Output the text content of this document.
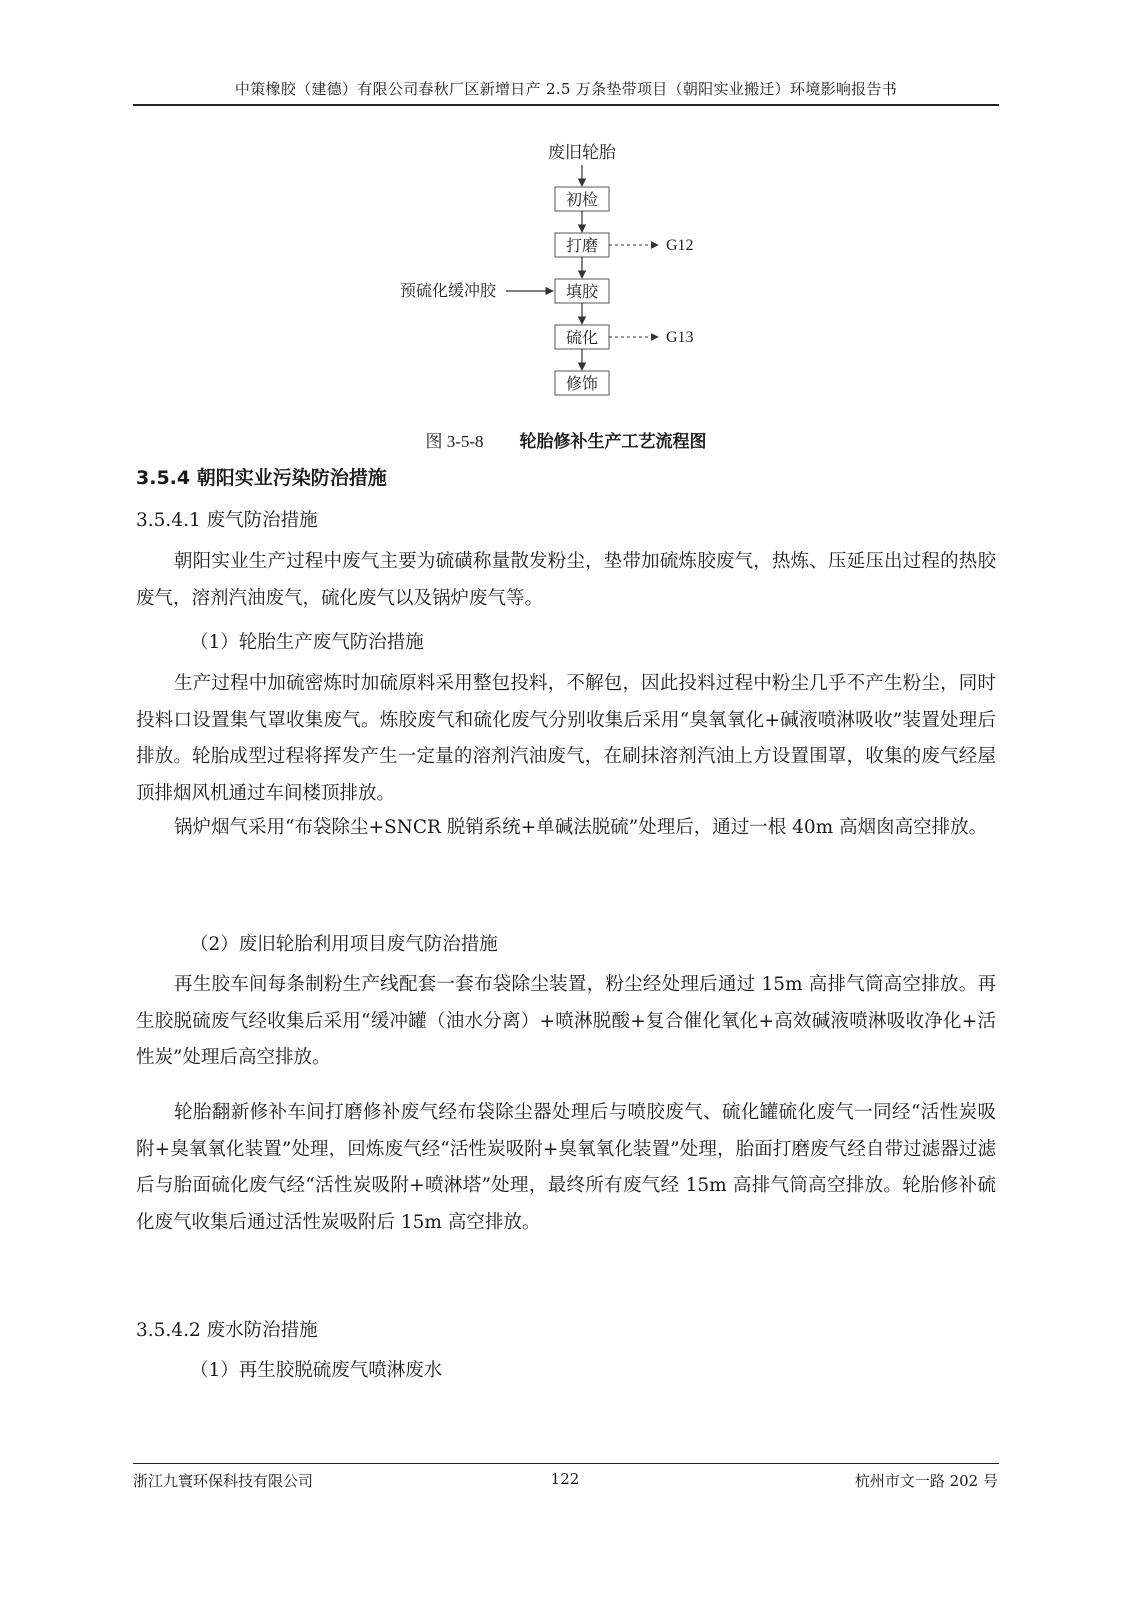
中策橡胶（建德）有限公司春秋厂区新增日产 2.5 万条垫带项目（朝阳实业搬迁）环境影响报告书
废旧轮胎
初检
打磨	G12
填胶
预硫化缓冲胶
硫化	G13
修饰
图 3-5-8 轮胎修补生产工艺流程图
3.5.4 朝阳实业污染防治措施
3.5.4.1 废气防治措施
朝阳实业生产过程中废气主要为硫磺称量散发粉尘，垫带加硫炼胶废气，热炼、压延压出过程的热胶废气，溶剂汽油废气，硫化废气以及锅炉废气等。
（1）轮胎生产废气防治措施
生产过程中加硫密炼时加硫原料采用整包投料，不解包，因此投料过程中粉尘几乎不产生粉尘，同时投料口设置集气罩收集废气。炼胶废气和硫化废气分别收集后采用“臭氧氧化+碱液喷淋吸收”装置处理后排放。轮胎成型过程将挥发产生一定量的溶剂汽油废气，在刷抹溶剂汽油上方设置围罩，收集的废气经屋顶排烟风机通过车间楼顶排放。
锅炉烟气采用“布袋除尘+SNCR 脱销系统+单碱法脱硫”处理后，通过一根 40m 高烟囱高空排放。
（2）废旧轮胎利用项目废气防治措施
再生胶车间每条制粉生产线配套一套布袋除尘装置，粉尘经处理后通过 15m 高排气筒高空排放。再生胶脱硫废气经收集后采用“缓冲罐（油水分离）+喷淋脱酸+复合催化氧化+高效碱液喷淋吸收净化+活性炭”处理后高空排放。
轮胎翻新修补车间打磨修补废气经布袋除尘器处理后与喷胶废气、硫化罐硫化废气一同经“活性炭吸附+臭氧氧化装置”处理，回炼废气经“活性炭吸附+臭氧氧化装置”处理，胎面打磨废气经自带过滤器过滤后与胎面硫化废气经“活性炭吸附+喷淋塔”处理，最终所有废气经 15m 高排气筒高空排放。轮胎修补硫化废气收集后通过活性炭吸附后 15m 高空排放。
3.5.4.2 废水防治措施
（1）再生胶脱硫废气喷淋废水
浙江九寰环保科技有限公司	122	杭州市文一路 202 号
